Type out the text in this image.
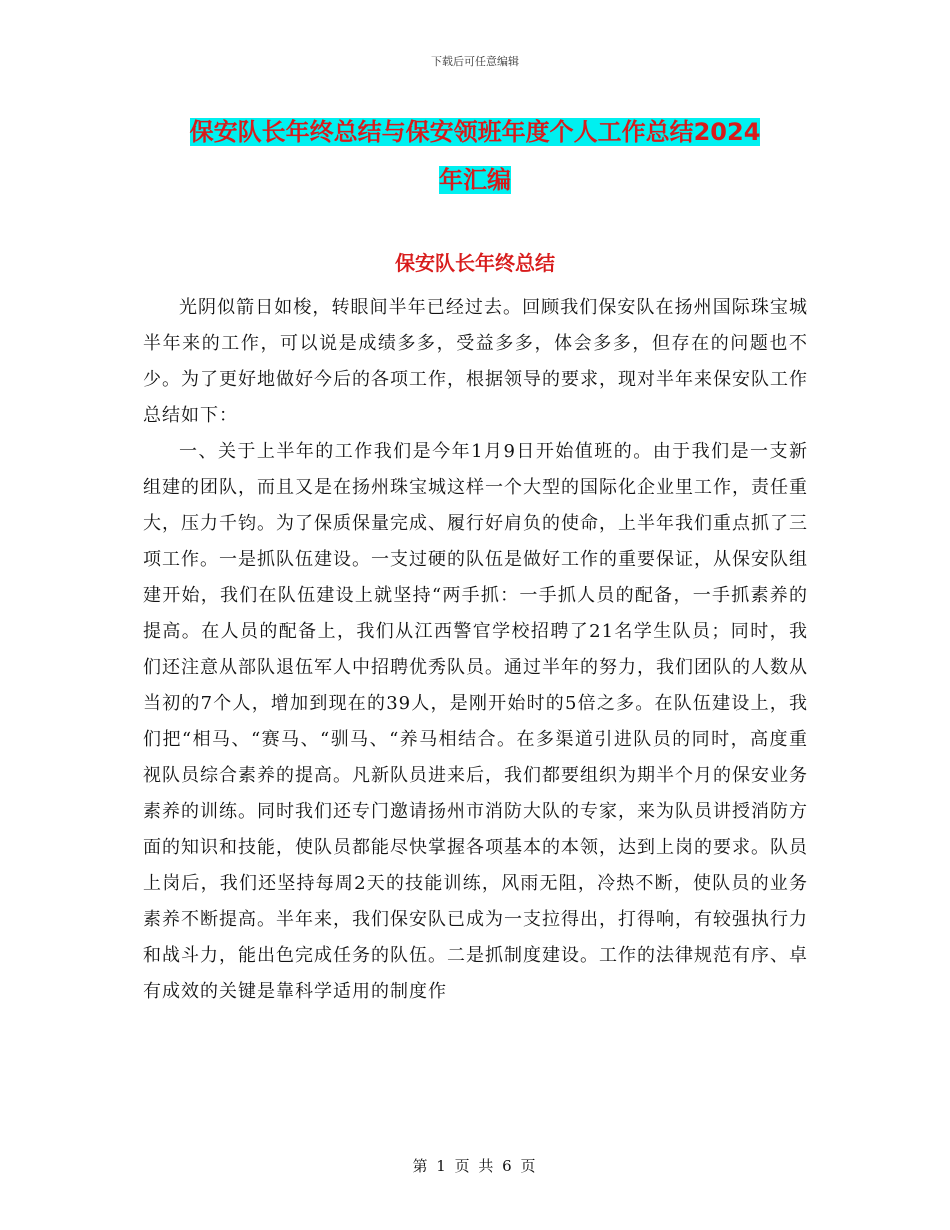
下载后可任意编辑
保安队长年终总结与保安领班年度个人工作总结2024
年汇编
保安队长年终总结

光阴似箭日如梭，转眼间半年已经过去。回顾我们保安队在扬州国际珠宝城半年来的工作，可以说是成绩多多，受益多多，体会多多，但存在的问题也不少。为了更好地做好今后的各项工作，根据领导的要求，现对半年来保安队工作总结如下：

一、关于上半年的工作我们是今年1月9日开始值班的。由于我们是一支新组建的团队，而且又是在扬州珠宝城这样一个大型的国际化企业里工作，责任重大，压力千钧。为了保质保量完成、履行好肩负的使命，上半年我们重点抓了三项工作。一是抓队伍建设。一支过硬的队伍是做好工作的重要保证，从保安队组建开始，我们在队伍建设上就坚持“两手抓：一手抓人员的配备，一手抓素养的提高。在人员的配备上，我们从江西警官学校招聘了21名学生队员；同时，我们还注意从部队退伍军人中招聘优秀队员。通过半年的努力，我们团队的人数从当初的7个人，增加到现在的39人，是刚开始时的5倍之多。在队伍建设上，我们把“相马、“赛马、“驯马、“养马相结合。在多渠道引进队员的同时，高度重视队员综合素养的提高。凡新队员进来后，我们都要组织为期半个月的保安业务素养的训练。同时我们还专门邀请扬州市消防大队的专家，来为队员讲授消防方面的知识和技能，使队员都能尽快掌握各项基本的本领，达到上岗的要求。队员上岗后，我们还坚持每周2天的技能训练，风雨无阻，冷热不断，使队员的业务素养不断提高。半年来，我们保安队已成为一支拉得出，打得响，有较强执行力和战斗力，能出色完成任务的队伍。二是抓制度建设。工作的法律规范有序、卓有成效的关键是靠科学适用的制度作

第 1 页 共 6 页
